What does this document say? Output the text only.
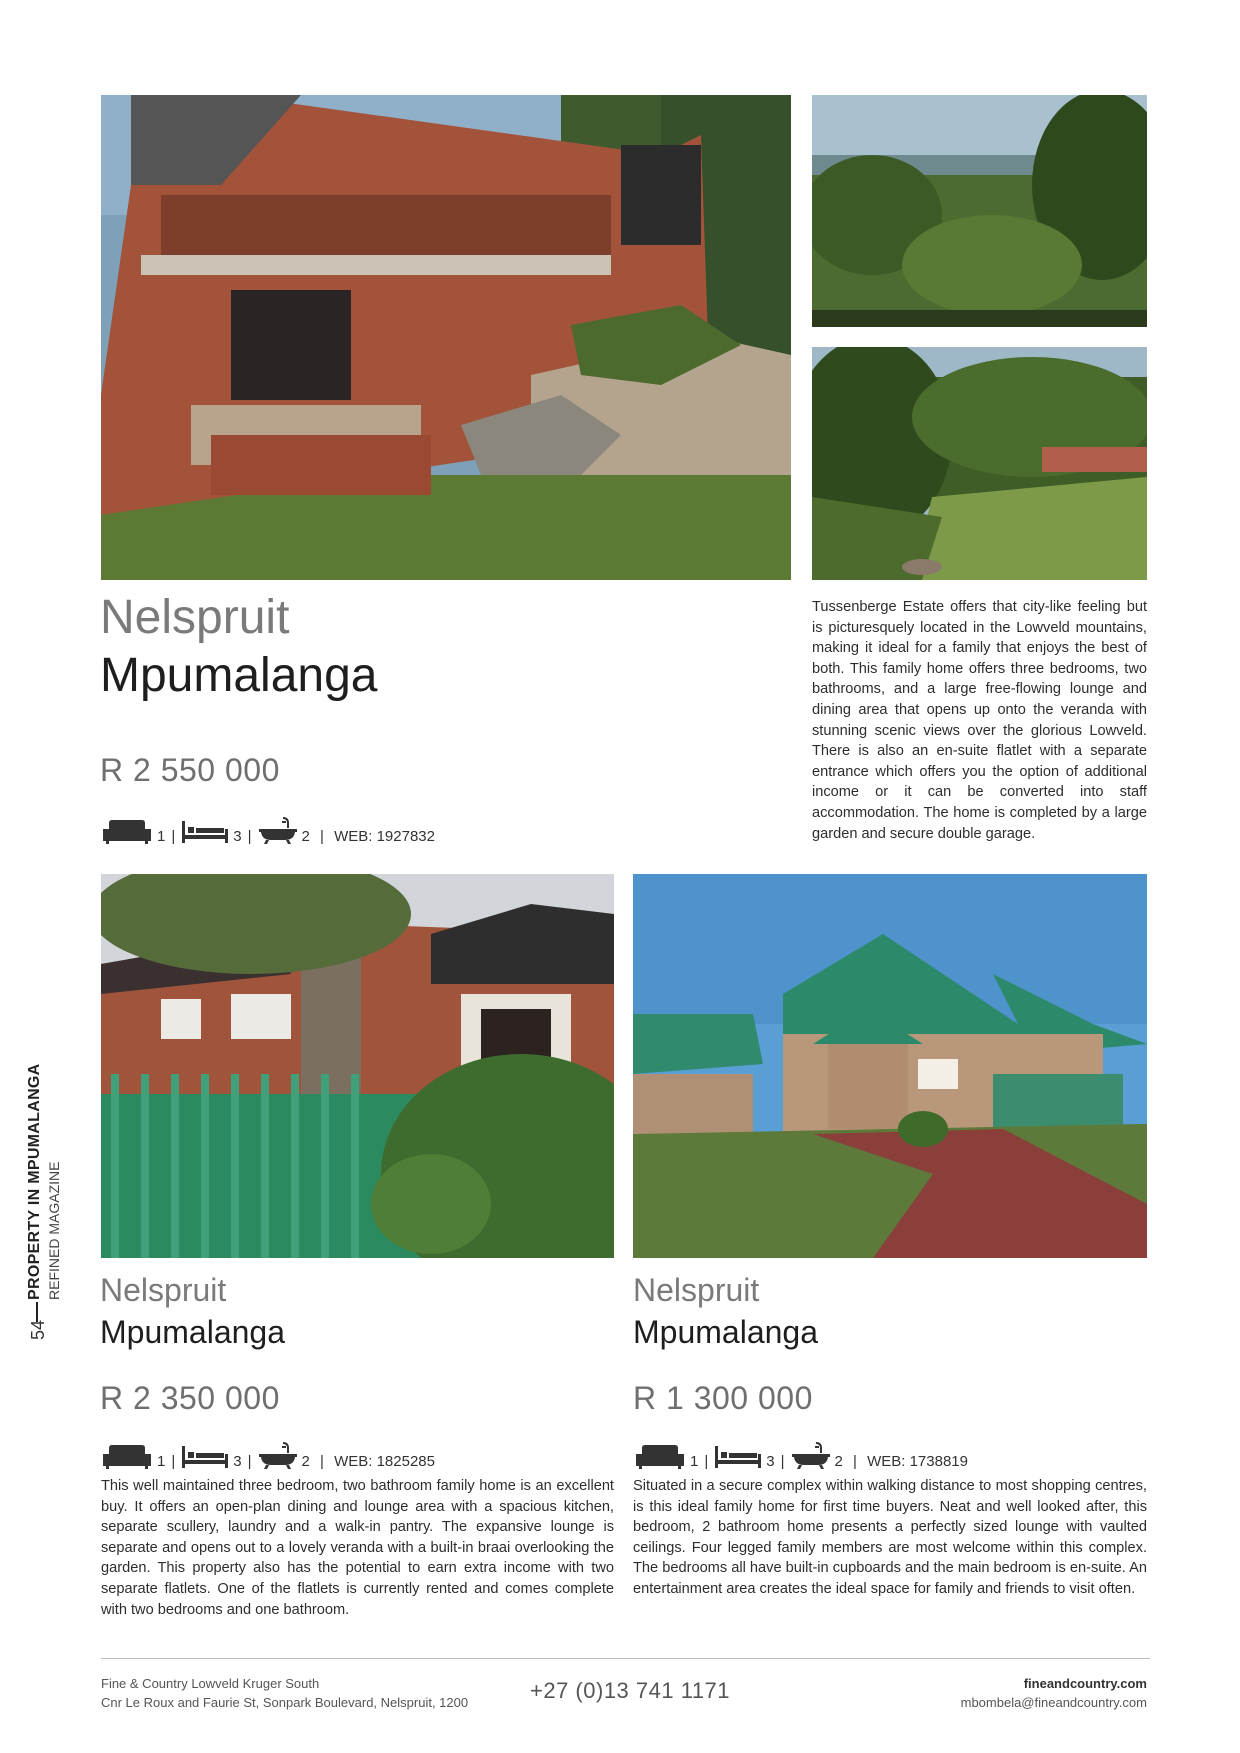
Nelspruit
Mpumalanga
R 2 550 000
1 |	3 |	2 | WEB: 1927832
Tussenberge Estate offers that city-like feeling but is picturesquely located in the Lowveld mountains, making it ideal for a family that enjoys the best of both. This family home offers three bedrooms, two bathrooms, and a large free-flowing lounge and dining area that opens up onto the veranda with stunning scenic views over the glorious Lowveld. There is also an en-suite flatlet with a separate entrance which offers you the option of additional income or it can be converted into staff accommodation. The home is completed by a large garden and secure double garage.
Nelspruit
Mpumalanga
R 2 350 000
1 |	3 |	2 | WEB: 1825285
This well maintained three bedroom, two bathroom family home is an excellent buy. It offers an open-plan dining and lounge area with a spacious kitchen, separate scullery, laundry and a walk-in pantry. The expansive lounge is separate and opens out to a lovely veranda with a built-in braai overlooking the garden. This property also has the potential to earn extra income with two separate flatlets. One of the flatlets is currently rented and comes complete with two bedrooms and one bathroom.
Nelspruit
Mpumalanga
R 1 300 000
1 |	3 |	2 | WEB: 1738819
Situated in a secure complex within walking distance to most shopping centres, is this ideal family home for first time buyers. Neat and well looked after, this bedroom, 2 bathroom home presents a perfectly sized lounge with vaulted ceilings. Four legged family members are most welcome within this complex. The bedrooms all have built-in cupboards and the main bedroom is en-suite. An entertainment area creates the ideal space for family and friends to visit often.
PROPERTY IN MPUMALANGA REFINED MAGAZINE
54
Fine & Country Lowveld Kruger South
Cnr Le Roux and Faurie St, Sonpark Boulevard, Nelspruit, 1200	+27 (0)13 741 1171	fineandcountry.com
mbombela@fineandcountry.com
